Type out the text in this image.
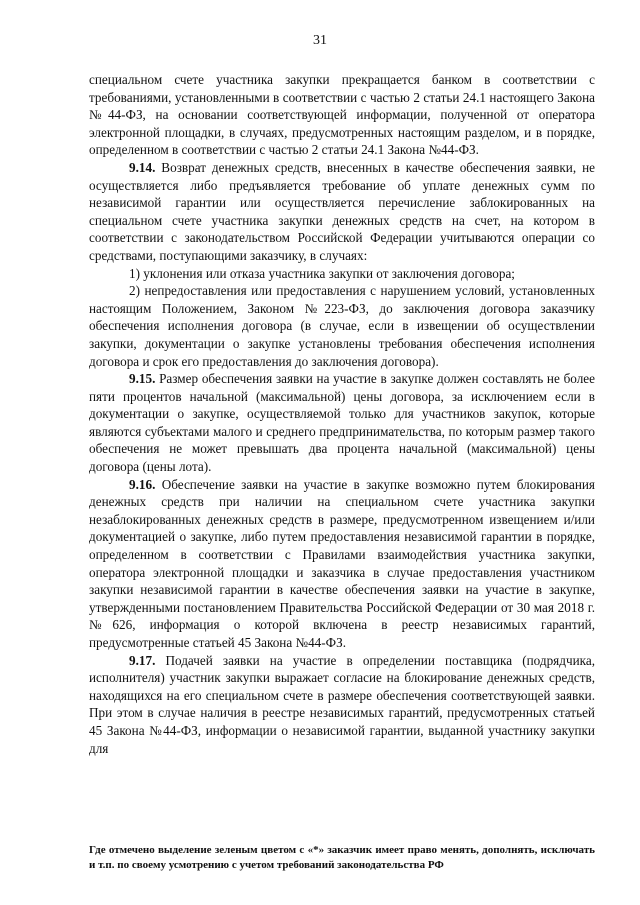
31

специальном счете участника закупки прекращается банком в соответствии с требованиями, установленными в соответствии с частью 2 статьи 24.1 настоящего Закона №44-ФЗ, на основании соответствующей информации, полученной от оператора электронной площадки, в случаях, предусмотренных настоящим разделом, и в порядке, определенном в соответствии с частью 2 статьи 24.1 Закона №44-ФЗ.

9.14. Возврат денежных средств, внесенных в качестве обеспечения заявки, не осуществляется либо предъявляется требование об уплате денежных сумм по независимой гарантии или осуществляется перечисление заблокированных на специальном счете участника закупки денежных средств на счет, на котором в соответствии с законодательством Российской Федерации учитываются операции со средствами, поступающими заказчику, в случаях:

1) уклонения или отказа участника закупки от заключения договора;

2) непредоставления или предоставления с нарушением условий, установленных настоящим Положением, Законом №223-ФЗ, до заключения договора заказчику обеспечения исполнения договора (в случае, если в извещении об осуществлении закупки, документации о закупке установлены требования обеспечения исполнения договора и срок его предоставления до заключения договора).

9.15. Размер обеспечения заявки на участие в закупке должен составлять не более пяти процентов начальной (максимальной) цены договора, за исключением если в документации о закупке, осуществляемой только для участников закупок, которые являются субъектами малого и среднего предпринимательства, по которым размер такого обеспечения не может превышать два процента начальной (максимальной) цены договора (цены лота).

9.16. Обеспечение заявки на участие в закупке возможно путем блокирования денежных средств при наличии на специальном счете участника закупки незаблокированных денежных средств в размере, предусмотренном извещением и/или документацией о закупке, либо путем предоставления независимой гарантии в порядке, определенном в соответствии с Правилами взаимодействия участника закупки, оператора электронной площадки и заказчика в случае предоставления участником закупки независимой гарантии в качестве обеспечения заявки на участие в закупке, утвержденными постановлением Правительства Российской Федерации от 30 мая 2018 г. №626, информация о которой включена в реестр независимых гарантий, предусмотренные статьей 45 Закона №44-ФЗ.

9.17. Подачей заявки на участие в определении поставщика (подрядчика, исполнителя) участник закупки выражает согласие на блокирование денежных средств, находящихся на его специальном счете в размере обеспечения соответствующей заявки. При этом в случае наличия в реестре независимых гарантий, предусмотренных статьей 45 Закона №44-ФЗ, информации о независимой гарантии, выданной участнику закупки для

Где отмечено выделение зеленым цветом с «*» заказчик имеет право менять, дополнять, исключать и т.п. по своему усмотрению с учетом требований законодательства РФ
